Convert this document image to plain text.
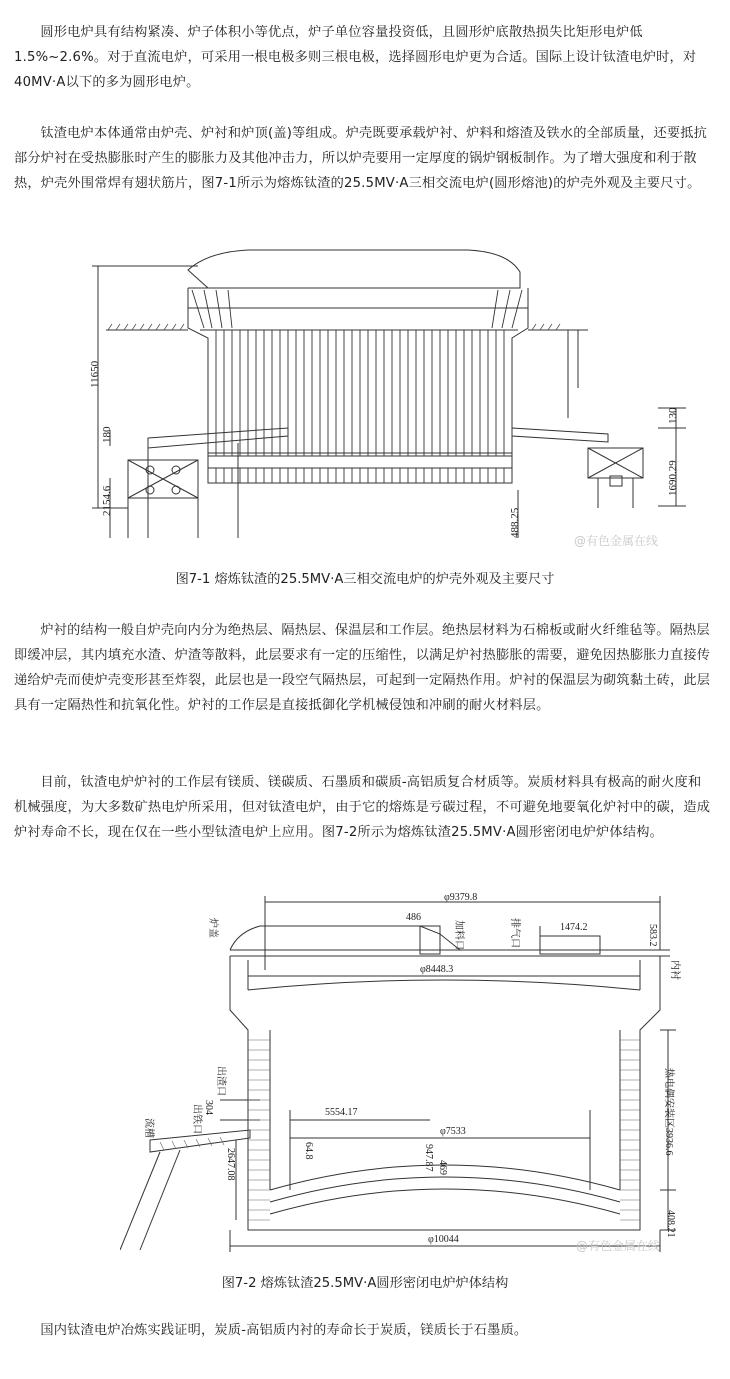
圆形电炉具有结构紧凑、炉子体积小等优点，炉子单位容量投资低，且圆形炉底散热损失比矩形电炉低1.5%~2.6%。对于直流电炉，可采用一根电极多则三根电极，选择圆形电炉更为合适。国际上设计钛渣电炉时，对40MV·A以下的多为圆形电炉。

钛渣电炉本体通常由炉壳、炉衬和炉顶(盖)等组成。炉壳既要承载炉衬、炉料和熔渣及铁水的全部质量，还要抵抗部分炉衬在受热膨胀时产生的膨胀力及其他冲击力，所以炉壳要用一定厚度的锅炉钢板制作。为了增大强度和利于散热，炉壳外围常焊有翅状筋片，图7-1所示为熔炼钛渣的25.5MV·A三相交流电炉(圆形熔池)的炉壳外观及主要尺寸。

11650
180
2154.6
488.25
130
1690.29
@有色金属在线
图7-1 熔炼钛渣的25.5MV·A三相交流电炉的炉壳外观及主要尺寸

炉衬的结构一般自炉壳向内分为绝热层、隔热层、保温层和工作层。绝热层材料为石棉板或耐火纤维毡等。隔热层即缓冲层，其内填充水渣、炉渣等散料，此层要求有一定的压缩性，以满足炉衬热膨胀的需要，避免因热膨胀力直接传递给炉壳而使炉壳变形甚至炸裂，此层也是一段空气隔热层，可起到一定隔热作用。炉衬的保温层为砌筑黏土砖，此层具有一定隔热性和抗氧化性。炉衬的工作层是直接抵御化学机械侵蚀和冲刷的耐火材料层。

目前，钛渣电炉炉衬的工作层有镁质、镁碳质、石墨质和碳质-高铝质复合材质等。炭质材料具有极高的耐火度和机械强度，为大多数矿热电炉所采用，但对钛渣电炉，由于它的熔炼是亏碳过程，不可避免地要氧化炉衬中的碳，造成炉衬寿命不长，现在仅在一些小型钛渣电炉上应用。图7-2所示为熔炼钛渣25.5MV·A圆形密闭电炉炉体结构。

φ9379.8
486
1474.2	583.2
φ8448.3
5554.17
φ7533
304
64.8	947.87 469
2647.08
φ10044
408.21
热电偶安装区3936.6
炉盖	加料口	排气口
内衬
出渣口
出铁口
流槽
@有色金属在线
图7-2 熔炼钛渣25.5MV·A圆形密闭电炉炉体结构

国内钛渣电炉冶炼实践证明，炭质-高铝质内衬的寿命长于炭质，镁质长于石墨质。
